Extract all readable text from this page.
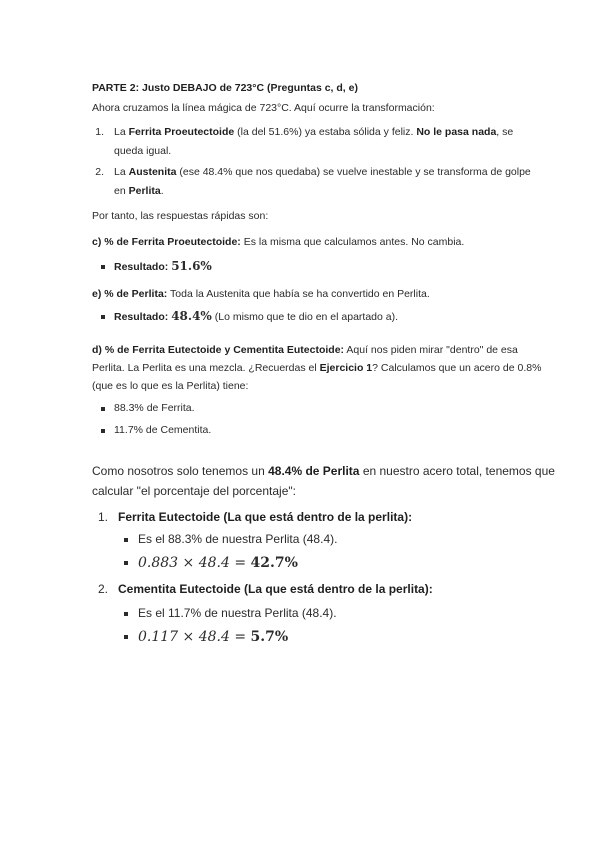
PARTE 2: Justo DEBAJO de 723°C (Preguntas c, d, e)
Ahora cruzamos la línea mágica de 723°C. Aquí ocurre la transformación:
1. La Ferrita Proeutectoide (la del 51.6%) ya estaba sólida y feliz. No le pasa nada, se
queda igual.
2. La Austenita (ese 48.4% que nos quedaba) se vuelve inestable y se transforma de golpe
en Perlita.
Por tanto, las respuestas rápidas son:
c) % de Ferrita Proeutectoide: Es la misma que calculamos antes. No cambia.
Resultado: 51.6%
e) % de Perlita: Toda la Austenita que había se ha convertido en Perlita.
Resultado: 48.4% (Lo mismo que te dio en el apartado a).
d) % de Ferrita Eutectoide y Cementita Eutectoide: Aquí nos piden mirar "dentro" de esa
Perlita. La Perlita es una mezcla. ¿Recuerdas el Ejercicio 1? Calculamos que un acero de 0.8%
(que es lo que es la Perlita) tiene:
88.3% de Ferrita.
11.7% de Cementita.
Como nosotros solo tenemos un 48.4% de Perlita en nuestro acero total, tenemos que
calcular "el porcentaje del porcentaje":
1. Ferrita Eutectoide (La que está dentro de la perlita):
Es el 88.3% de nuestra Perlita (48.4).
0.883 × 48.4 = 42.7%
2. Cementita Eutectoide (La que está dentro de la perlita):
Es el 11.7% de nuestra Perlita (48.4).
0.117 × 48.4 = 5.7%
